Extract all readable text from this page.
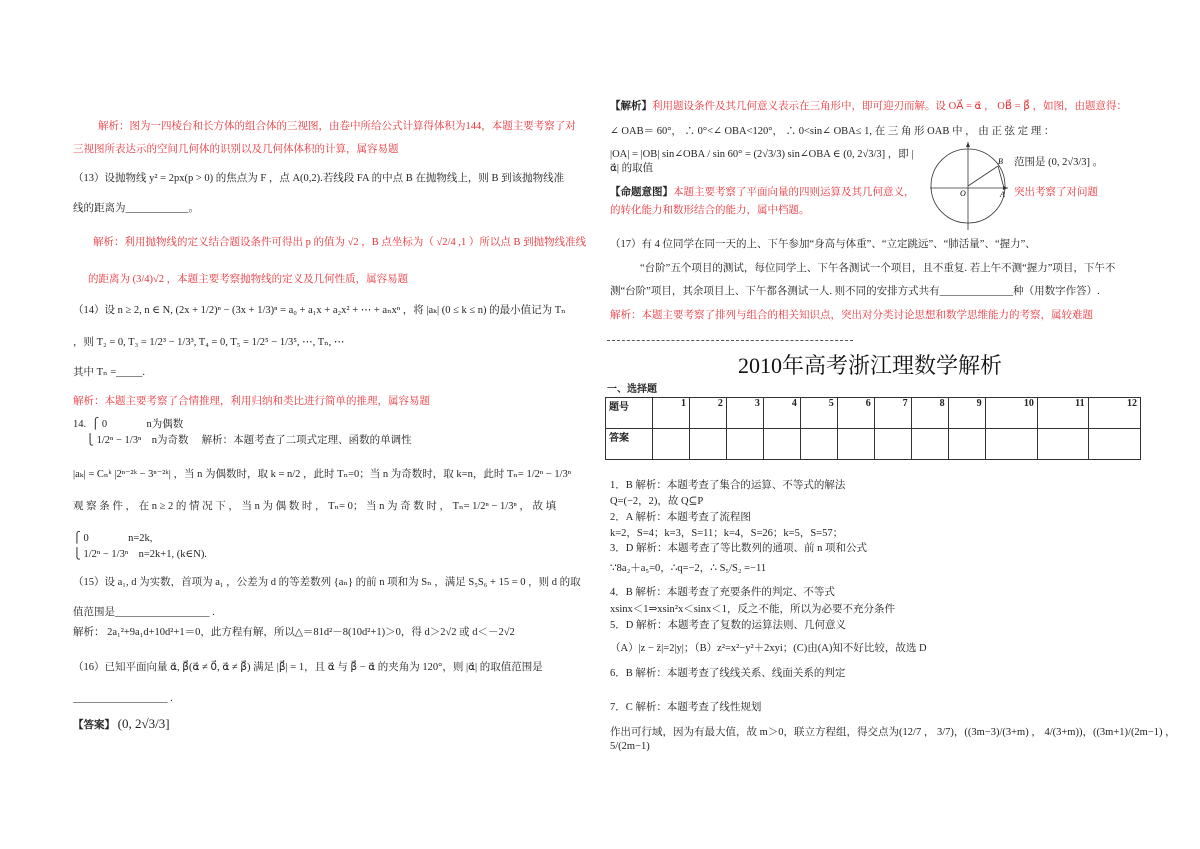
解析：图为一四棱台和长方体的组合体的三视图，由卷中所给公式计算得体积为144，本题主要考察了对
三视图所表达示的空间几何体的识别以及几何体体积的计算，属容易题
（13）设抛物线 y² = 2px(p > 0) 的焦点为 F ，点 A(0,2).若线段 FA 的中点 B 在抛物线上，则 B 到该抛物线准
线的距离为____________。
解析：利用抛物线的定义结合题设条件可得出 p 的值为 √2 ，B 点坐标为（ √2/4 ,1 ）所以点 B 到抛物线准线
的距离为 (3/4)√2 ，本题主要考察抛物线的定义及几何性质，属容易题
（14）设 n ≥ 2, n ∈ N, (2x + 1/2)ⁿ − (3x + 1/3)ⁿ = a₀ + a₁x + a₂x² + ⋯ + aₙxⁿ ，将 |aₖ| (0 ≤ k ≤ n) 的最小值记为 Tₙ
，则 T₂ = 0, T₃ = 1/2³ − 1/3³, T₄ = 0, T₅ = 1/2⁵ − 1/3⁵, ⋯, Tₙ, ⋯
其中 Tₙ =_____.
解析：本题主要考察了合情推理，利用归纳和类比进行简单的推理，属容易题
14.  ⎧ 0               n为偶数
⎩ 1/2ⁿ − 1/3ⁿ    n为奇数     解析：本题考查了二项式定理、函数的单调性
|aₖ| = Cₙᵏ |2ⁿ⁻²ᵏ − 3ⁿ⁻²ᵏ| ，当 n 为偶数时，取 k = n/2 ，此时 Tₙ=0；当 n 为奇数时，取 k=n，此时 Tₙ= 1/2ⁿ − 1/3ⁿ
观 察 条 件 ， 在 n ≥ 2 的 情 况 下 ， 当 n 为 偶 数 时 ， Tₙ= 0； 当 n 为 奇 数 时 ， Tₙ= 1/2ⁿ − 1/3ⁿ ， 故 填
⎧ 0               n=2k,
⎩ 1/2ⁿ − 1/3ⁿ    n=2k+1, (k∈N).
（15）设 a₁, d 为实数，首项为 a₁ ，公差为 d 的等差数列 {aₙ} 的前 n 项和为 Sₙ ，满足 S₅S₆ + 15 = 0 ，则 d 的取
值范围是__________________ .
解析： 2a₁²+9a₁d+10d²+1＝0，此方程有解，所以△＝81d²－8(10d²+1)＞0，得 d＞2√2 或 d＜－2√2
（16）已知平面向量 α⃗, β⃗(α⃗ ≠ 0⃗, α⃗ ≠ β⃗) 满足 |β⃗| = 1，且 α⃗ 与 β⃗ − α⃗ 的夹角为 120°，则 |α⃗| 的取值范围是
__________________ .
【答案】 (0, 2√3/3]
【解析】利用题设条件及其几何意义表示在三角形中，即可迎刃而解。设 OA⃗ = α⃗ ， OB⃗ = β⃗ ，如图，由题意得：
∠ OAB＝ 60°， ∴ 0°<∠ OBA<120°， ∴ 0<sin∠ OBA≤ 1, 在 三 角 形 OAB 中 ， 由 正 弦 定 理 ：
|OA| = |OB| sin∠OBA / sin 60° = (2√3/3) sin∠OBA ∈ (0, 2√3/3] ，即 |α⃗| 的取值
范围是 (0, 2√3/3] 。
【命题意图】本题主要考察了平面向量的四则运算及其几何意义，	突出考察了对问题
的转化能力和数形结合的能力，属中档题。
O	A
B
（17）有 4 位同学在同一天的上、下午参加“身高与体重”、“立定跳远”、“肺活量”、“握力”、
“台阶”五个项目的测试，每位同学上、下午各测试一个项目，且不重复. 若上午不测“握力”项目，下午不
测“台阶”项目，其余项目上、下午都各测试一人. 则不同的安排方式共有______________种（用数字作答）.
解析：本题主要考察了排列与组合的相关知识点，突出对分类讨论思想和数学思维能力的考察，属较难题
2010年高考浙江理数学解析
一、选择题
题号	1	2	3	4	5	6	7	8	9	10	11	12
答案												
1．B 解析：本题考查了集合的运算、不等式的解法
Q=(−2，2)，故 Q⊆P
2．A 解析：本题考查了流程图
k=2，S=4；k=3，S=11；k=4，S=26；k=5，S=57；
3．D 解析：本题考查了等比数列的通项、前 n 项和公式
∵8a₂＋a₅=0，∴q=−2，∴ S₅/S₂ =−11
4．B 解析：本题考查了充要条件的判定、不等式
xsinx＜1⇒xsin²x＜sinx＜1，反之不能，所以为必要不充分条件
5．D 解析：本题考查了复数的运算法则、几何意义
（A）|z − z̄|=2|y|；（B）z²=x²−y²＋2xyi；(C)由(A)知不好比较，故选 D
6．B 解析：本题考查了线线关系、线面关系的判定
7．C 解析：本题考查了线性规划
作出可行域，因为有最大值，故 m＞0，联立方程组，得交点为(12/7 ， 3/7)，((3m−3)/(3+m) ， 4/(3+m))，((3m+1)/(2m−1) ， 5/(2m−1)
